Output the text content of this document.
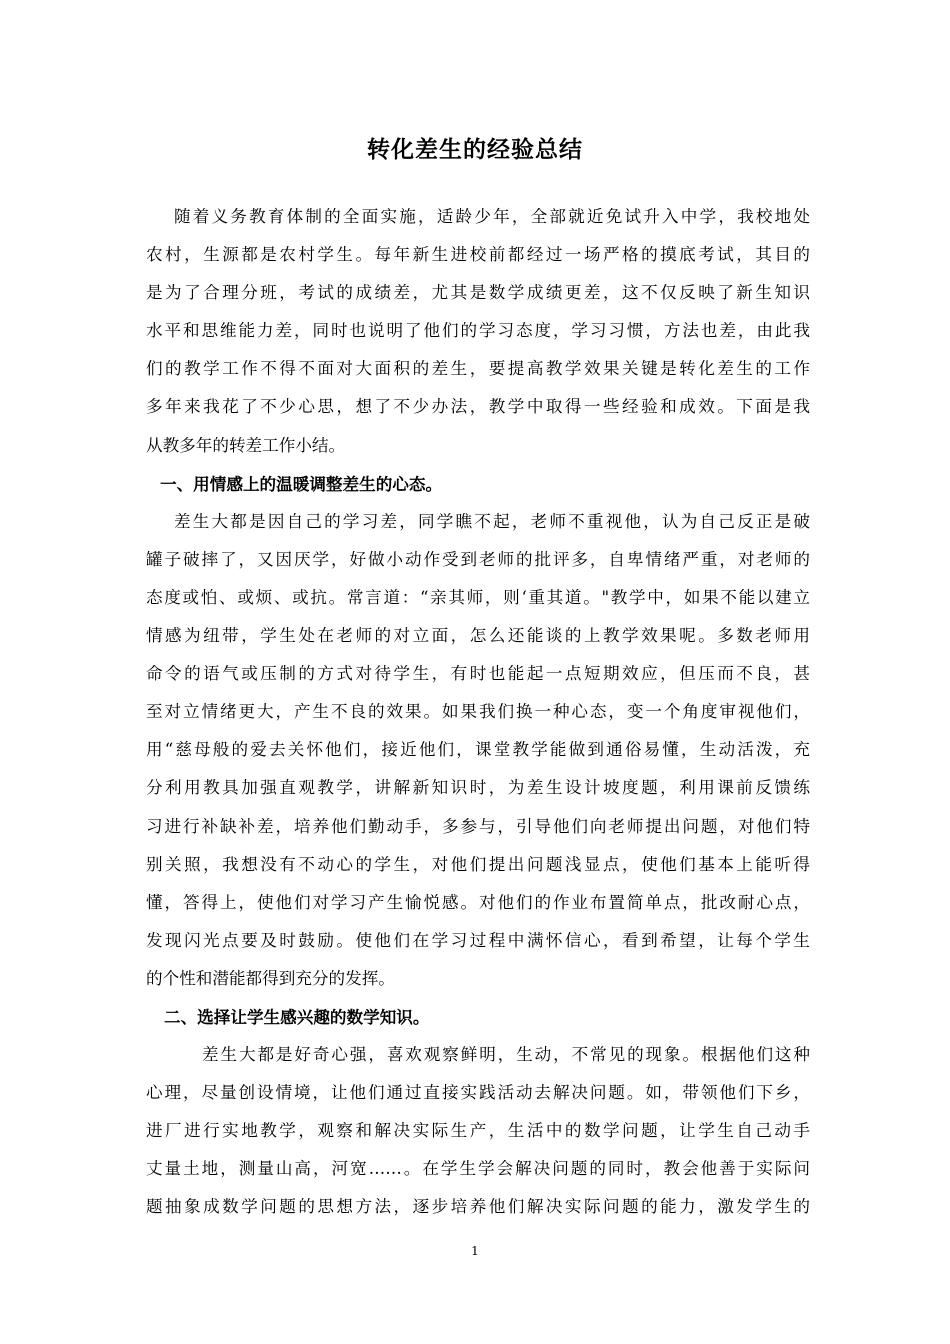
转化差生的经验总结
随着义务教育体制的全面实施，适龄少年，全部就近免试升入中学，我校地处
农村，生源都是农村学生。每年新生进校前都经过一场严格的摸底考试，其目的
是为了合理分班，考试的成绩差，尤其是数学成绩更差，这不仅反映了新生知识
水平和思维能力差，同时也说明了他们的学习态度，学习习惯，方法也差，由此我
们的教学工作不得不面对大面积的差生，要提高教学效果关键是转化差生的工作
多年来我花了不少心思，想了不少办法，教学中取得一些经验和成效。下面是我
从教多年的转差工作小结。
一、用情感上的温暖调整差生的心态。
差生大都是因自己的学习差，同学瞧不起，老师不重视他，认为自己反正是破
罐子破摔了，又因厌学，好做小动作受到老师的批评多，自卑情绪严重，对老师的
态度或怕、或烦、或抗。常言道：“亲其师，则‘重其道。"教学中，如果不能以建立
情感为纽带，学生处在老师的对立面，怎么还能谈的上教学效果呢。多数老师用
命令的语气或压制的方式对待学生，有时也能起一点短期效应，但压而不良，甚
至对立情绪更大，产生不良的效果。如果我们换一种心态，变一个角度审视他们，
用“慈母般的爱去关怀他们，接近他们，课堂教学能做到通俗易懂，生动活泼，充
分利用教具加强直观教学，讲解新知识时，为差生设计坡度题，利用课前反馈练
习进行补缺补差，培养他们勤动手，多参与，引导他们向老师提出问题，对他们特
别关照，我想没有不动心的学生，对他们提出问题浅显点，使他们基本上能听得
懂，答得上，使他们对学习产生愉悦感。对他们的作业布置简单点，批改耐心点，
发现闪光点要及时鼓励。使他们在学习过程中满怀信心，看到希望，让每个学生
的个性和潜能都得到充分的发挥。
二、选择让学生感兴趣的数学知识。
差生大都是好奇心强，喜欢观察鲜明，生动，不常见的现象。根据他们这种
心理，尽量创设情境，让他们通过直接实践活动去解决问题。如，带领他们下乡，
进厂进行实地教学，观察和解决实际生产，生活中的数学问题，让学生自己动手
丈量土地，测量山高，河宽……。在学生学会解决问题的同时，教会他善于实际问
题抽象成数学问题的思想方法，逐步培养他们解决实际问题的能力，激发学生的
1
